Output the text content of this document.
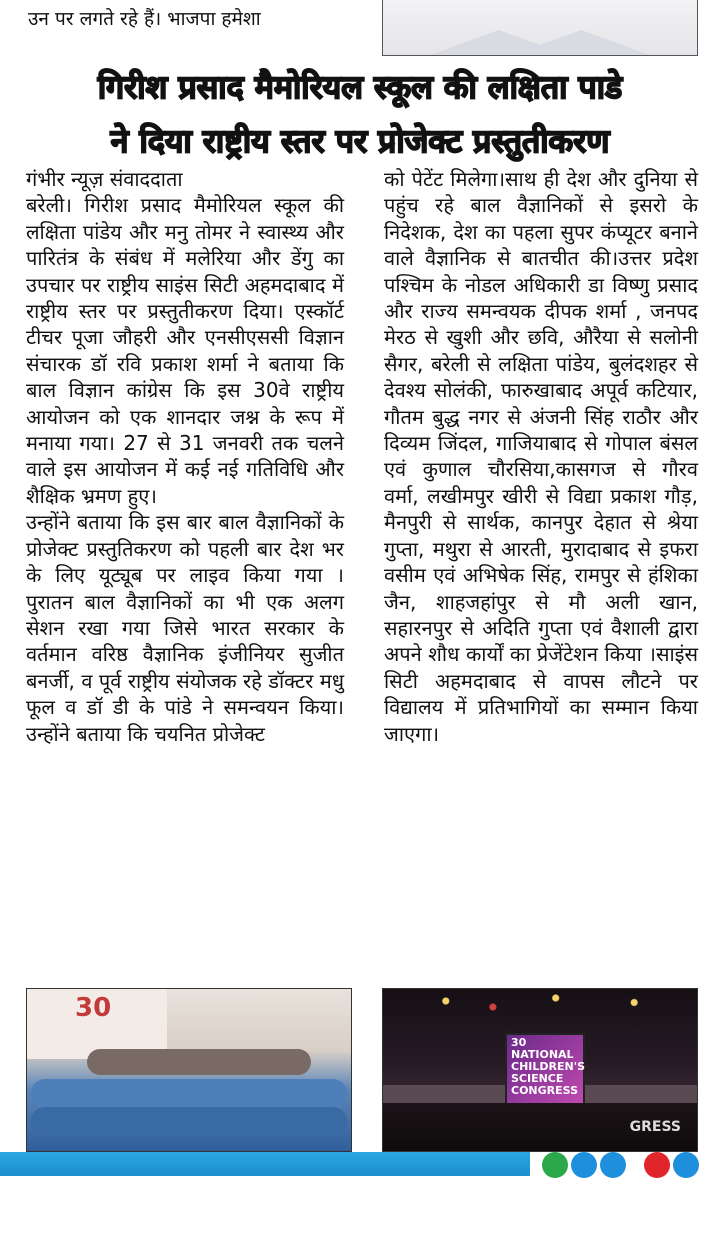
उन पर लगते रहे हैं। भाजपा हमेशा
गिरीश प्रसाद मैमोरियल स्कूल की लक्षिता पाडे
ने दिया राष्ट्रीय स्तर पर प्रोजेक्ट प्रस्तुतीकरण

गंभीर न्यूज़ संवाददाता

बरेली। गिरीश प्रसाद मैमोरियल स्कूल की लक्षिता पांडेय और मनु तोमर ने स्वास्थ्य और पारितंत्र के संबंध में मलेरिया और डेंगु का उपचार पर राष्ट्रीय साइंस सिटी अहमदाबाद में राष्ट्रीय स्तर पर प्रस्तुतीकरण दिया। एस्कॉर्ट टीचर पूजा जौहरी और एनसीएससी विज्ञान संचारक डॉ रवि प्रकाश शर्मा ने बताया कि बाल विज्ञान कांग्रेस कि इस 30वे राष्ट्रीय आयोजन को एक शानदार जश्न के रूप में मनाया गया। 27 से 31 जनवरी तक चलने वाले इस आयोजन में कई नई गतिविधि और शैक्षिक भ्रमण हुए।

उन्होंने बताया कि इस बार बाल वैज्ञानिकों के प्रोजेक्ट प्रस्तुतिकरण को पहली बार देश भर के लिए यूट्यूब पर लाइव किया गया । पुरातन बाल वैज्ञानिकों का भी एक अलग सेशन रखा गया जिसे भारत सरकार के वर्तमान वरिष्ठ वैज्ञानिक इंजीनियर सुजीत बनर्जी, व पूर्व राष्ट्रीय संयोजक रहे डॉक्टर मधु फूल व डॉ डी के पांडे ने समन्वयन किया। उन्होंने बताया कि चयनित प्रोजेक्ट

को पेटेंट मिलेगा।साथ ही देश और दुनिया से पहुंच रहे बाल वैज्ञानिकों से इसरो के निदेशक, देश का पहला सुपर कंप्यूटर बनाने वाले वैज्ञानिक से बातचीत की।उत्तर प्रदेश पश्चिम के नोडल अधिकारी डा विष्णु प्रसाद और राज्य समन्वयक दीपक शर्मा , जनपद मेरठ से खुशी और छवि, औरैया से सलोनी सैगर, बरेली से लक्षिता पांडेय, बुलंदशहर से देवश्य सोलंकी, फारुखाबाद अपूर्व कटियार, गौतम बुद्ध नगर से अंजनी सिंह राठौर और दिव्यम जिंदल, गाजियाबाद से गोपाल बंसल एवं कुणाल चौरसिया,कासगज से गौरव वर्मा, लखीमपुर खीरी से विद्या प्रकाश गौड़, मैनपुरी से सार्थक, कानपुर देहात से श्रेया गुप्ता, मथुरा से आरती, मुरादाबाद से इफरा वसीम एवं अभिषेक सिंह, रामपुर से हंशिका जैन, शाहजहांपुर से मौ अली खान, सहारनपुर से अदिति गुप्ता एवं वैशाली द्वारा अपने शौध कार्यों का प्रेजेंटेशन किया ।साइंस सिटी अहमदाबाद से वापस लौटने पर विद्यालय में प्रतिभागियों का सम्मान किया जाएगा।

30
30 NATIONAL CHILDREN'S SCIENCE CONGRESS
GRESS
